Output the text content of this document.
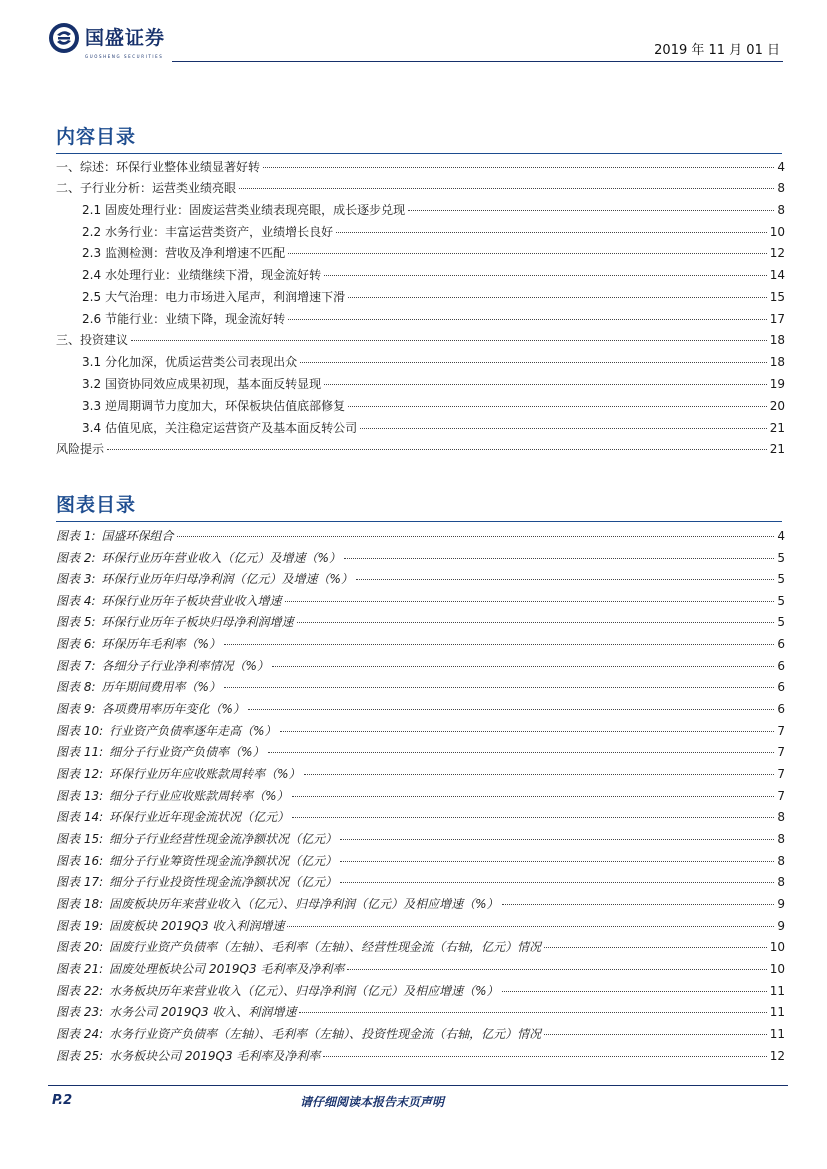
国盛证券
GUOSHENG SECURITIES	2019 年 11 月 01 日
内容目录
一、综述：环保行业整体业绩显著好转	4
二、子行业分析：运营类业绩亮眼	8
2.1 固废处理行业：固废运营类业绩表现亮眼，成长逐步兑现	8
2.2 水务行业：丰富运营类资产，业绩增长良好	10
2.3 监测检测：营收及净利增速不匹配	12
2.4 水处理行业：业绩继续下滑，现金流好转	14
2.5 大气治理：电力市场进入尾声，利润增速下滑	15
2.6 节能行业：业绩下降，现金流好转	17
三、投资建议	18
3.1 分化加深，优质运营类公司表现出众	18
3.2 国资协同效应成果初现，基本面反转显现	19
3.3 逆周期调节力度加大，环保板块估值底部修复	20
3.4 估值见底，关注稳定运营资产及基本面反转公司	21
风险提示	21
图表目录
图表 1: 国盛环保组合	4
图表 2: 环保行业历年营业收入（亿元）及增速（%）	5
图表 3: 环保行业历年归母净利润（亿元）及增速（%）	5
图表 4: 环保行业历年子板块营业收入增速	5
图表 5: 环保行业历年子板块归母净利润增速	5
图表 6: 环保历年毛利率（%）	6
图表 7: 各细分子行业净利率情况（%）	6
图表 8: 历年期间费用率（%）	6
图表 9: 各项费用率历年变化（%）	6
图表 10: 行业资产负债率逐年走高（%）	7
图表 11: 细分子行业资产负债率（%）	7
图表 12: 环保行业历年应收账款周转率（%）	7
图表 13: 细分子行业应收账款周转率（%）	7
图表 14: 环保行业近年现金流状况（亿元）	8
图表 15: 细分子行业经营性现金流净额状况（亿元）	8
图表 16: 细分子行业筹资性现金流净额状况（亿元）	8
图表 17: 细分子行业投资性现金流净额状况（亿元）	8
图表 18: 固废板块历年来营业收入（亿元）、归母净利润（亿元）及相应增速（%）	9
图表 19: 固废板块 2019Q3 收入利润增速	9
图表 20: 固废行业资产负债率（左轴）、毛利率（左轴）、经营性现金流（右轴，亿元）情况	10
图表 21: 固废处理板块公司 2019Q3 毛利率及净利率	10
图表 22: 水务板块历年来营业收入（亿元）、归母净利润（亿元）及相应增速（%）	11
图表 23: 水务公司 2019Q3 收入、利润增速	11
图表 24: 水务行业资产负债率（左轴）、毛利率（左轴）、投资性现金流（右轴，亿元）情况	11
图表 25: 水务板块公司 2019Q3 毛利率及净利率	12
P.2	请仔细阅读本报告末页声明
